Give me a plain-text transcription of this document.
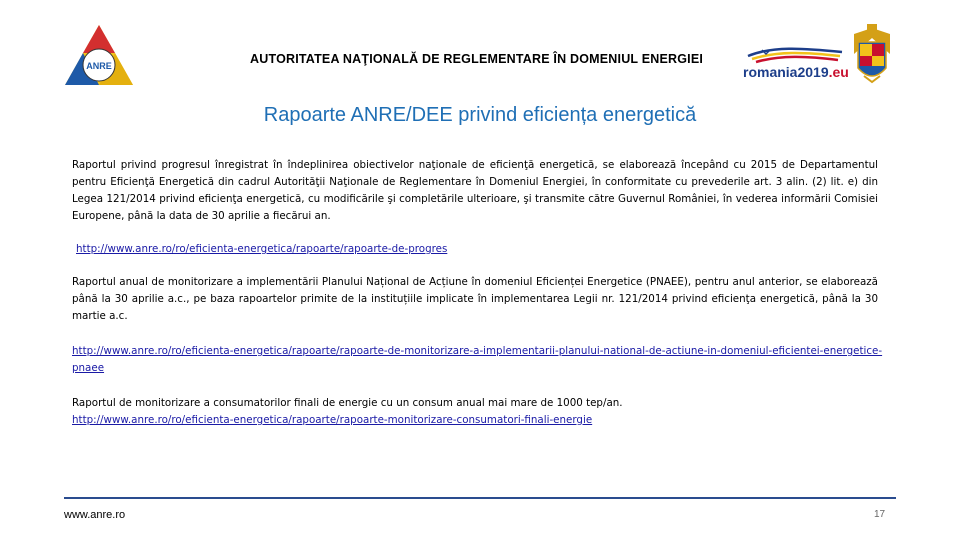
ANRE	AUTORITATEA NAŢIONALĂ DE REGLEMENTARE ÎN DOMENIUL ENERGIEI
romania2019.eu
Rapoarte ANRE/DEE privind eficiența energetică
Raportul privind progresul înregistrat în îndeplinirea obiectivelor naţionale de eficienţă energetică, se elaborează începând cu 2015 de Departamentul pentru Eficienţă Energetică din cadrul Autorităţii Naţionale de Reglementare în Domeniul Energiei, în conformitate cu prevederile art. 3 alin. (2) lit. e) din Legea 121/2014 privind eficienţa energetică, cu modificările şi completările ulterioare, şi transmite către Guvernul României, în vederea informării Comisiei Europene, până la data de 30 aprilie a fiecărui an.
http://www.anre.ro/ro/eficienta-energetica/rapoarte/rapoarte-de-progres
Raportul anual de monitorizare a implementării Planului Național de Acțiune în domeniul Eficienței Energetice (PNAEE), pentru anul anterior, se elaborează până la 30 aprilie a.c., pe baza rapoartelor primite de la instituțiile implicate în implementarea Legii nr. 121/2014 privind eficienţa energetică, până la 30 martie a.c.
http://www.anre.ro/ro/eficienta-energetica/rapoarte/rapoarte-de-monitorizare-a-implementarii-planului-national-de-actiune-in-domeniul-eficientei-energetice-pnaee
Raportul de monitorizare a consumatorilor finali de energie cu un consum anual mai mare de 1000 tep/an.
http://www.anre.ro/ro/eficienta-energetica/rapoarte/rapoarte-monitorizare-consumatori-finali-energie
www.anre.ro	17
